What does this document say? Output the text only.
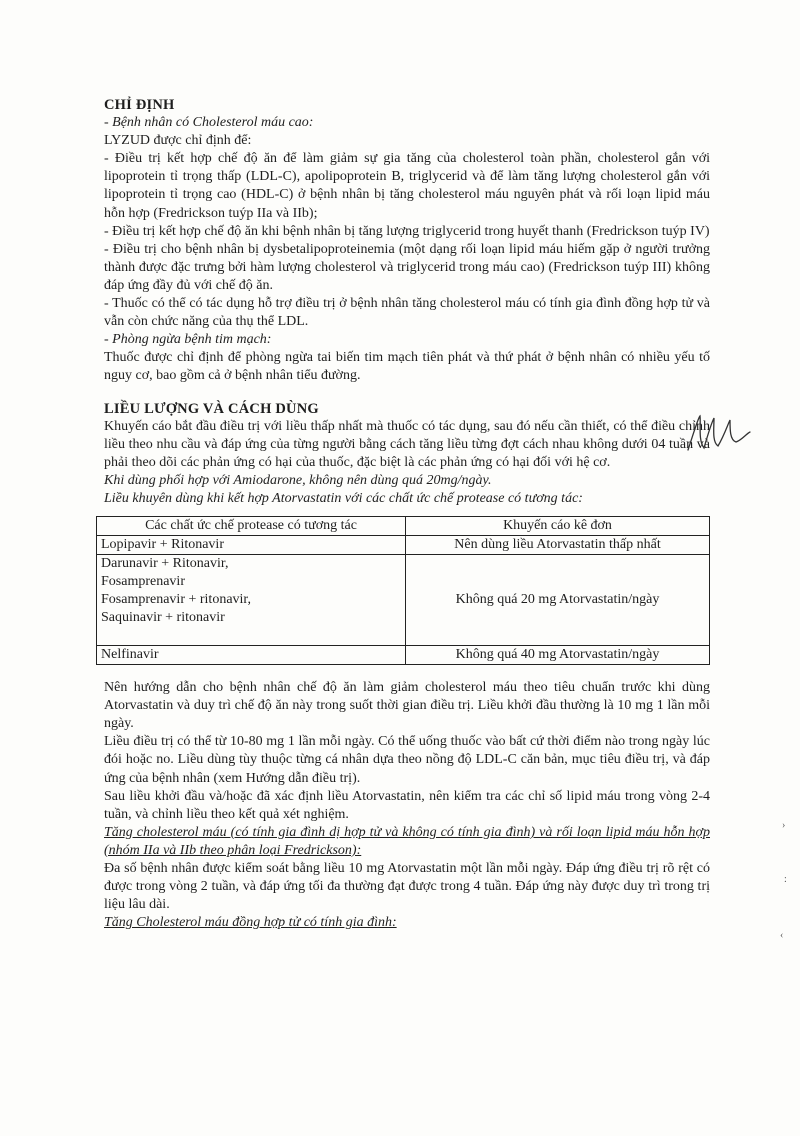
CHỈ ĐỊNH

- Bệnh nhân có Cholesterol máu cao:

LYZUD được chỉ định để:

- Điều trị kết hợp chế độ ăn để làm giảm sự gia tăng của cholesterol toàn phần, cholesterol gắn với lipoprotein tỉ trọng thấp (LDL-C), apolipoprotein B, triglycerid và để làm tăng lượng cholesterol gắn với lipoprotein tỉ trọng cao (HDL-C) ở bệnh nhân bị tăng cholesterol máu nguyên phát và rối loạn lipid máu hỗn hợp (Fredrickson tuýp IIa và IIb);

- Điều trị kết hợp chế độ ăn khi bệnh nhân bị tăng lượng triglycerid trong huyết thanh (Fredrickson tuýp IV)

- Điều trị cho bệnh nhân bị dysbetalipoproteinemia (một dạng rối loạn lipid máu hiếm gặp ở người trưởng thành được đặc trưng bởi hàm lượng cholesterol và triglycerid trong máu cao) (Fredrickson tuýp III) không đáp ứng đầy đủ với chế độ ăn.

- Thuốc có thể có tác dụng hỗ trợ điều trị ở bệnh nhân tăng cholesterol máu có tính gia đình đồng hợp tử và vẫn còn chức năng của thụ thể LDL.

- Phòng ngừa bệnh tim mạch:

Thuốc được chỉ định để phòng ngừa tai biến tim mạch tiên phát và thứ phát ở bệnh nhân có nhiều yếu tố nguy cơ, bao gồm cả ở bệnh nhân tiểu đường.

LIỀU LƯỢNG VÀ CÁCH DÙNG

Khuyến cáo bắt đầu điều trị với liều thấp nhất mà thuốc có tác dụng, sau đó nếu cần thiết, có thể điều chỉnh liều theo nhu cầu và đáp ứng của từng người bằng cách tăng liều từng đợt cách nhau không dưới 04 tuần và phải theo dõi các phản ứng có hại của thuốc, đặc biệt là các phản ứng có hại đối với hệ cơ.

Khi dùng phối hợp với Amiodarone, không nên dùng quá 20mg/ngày.

Liều khuyên dùng khi kết hợp Atorvastatin với các chất ức chế protease có tương tác:

Các chất ức chế protease có tương tác	Khuyến cáo kê đơn
Lopipavir + Ritonavir	Nên dùng liều Atorvastatin thấp nhất

Darunavir + Ritonavir,
Fosamprenavir
Fosamprenavir + ritonavir,
Saquinavir + ritonavir	Không quá 20 mg Atorvastatin/ngày
Nelfinavir	Không quá 40 mg Atorvastatin/ngày

Nên hướng dẫn cho bệnh nhân chế độ ăn làm giảm cholesterol máu theo tiêu chuẩn trước khi dùng Atorvastatin và duy trì chế độ ăn này trong suốt thời gian điều trị. Liều khởi đầu thường là 10 mg 1 lần mỗi ngày.

Liều điều trị có thể từ 10-80 mg 1 lần mỗi ngày. Có thể uống thuốc vào bất cứ thời điểm nào trong ngày lúc đói hoặc no. Liều dùng tùy thuộc từng cá nhân dựa theo nồng độ LDL-C căn bản, mục tiêu điều trị, và đáp ứng của bệnh nhân (xem Hướng dẫn điều trị).

Sau liều khởi đầu và/hoặc đã xác định liều Atorvastatin, nên kiểm tra các chỉ số lipid máu trong vòng 2-4 tuần, và chỉnh liều theo kết quả xét nghiệm.

Tăng cholesterol máu (có tính gia đình dị hợp tử và không có tính gia đình) và rối loạn lipid máu hỗn hợp (nhóm IIa và IIb theo phân loại Fredrickson):

Đa số bệnh nhân được kiểm soát bằng liều 10 mg Atorvastatin một lần mỗi ngày. Đáp ứng điều trị rõ rệt có được trong vòng 2 tuần, và đáp ứng tối đa thường đạt được trong 4 tuần. Đáp ứng này được duy trì trong trị liệu lâu dài.

Tăng Cholesterol máu đồng hợp tử có tính gia đình:

›
:
‹
